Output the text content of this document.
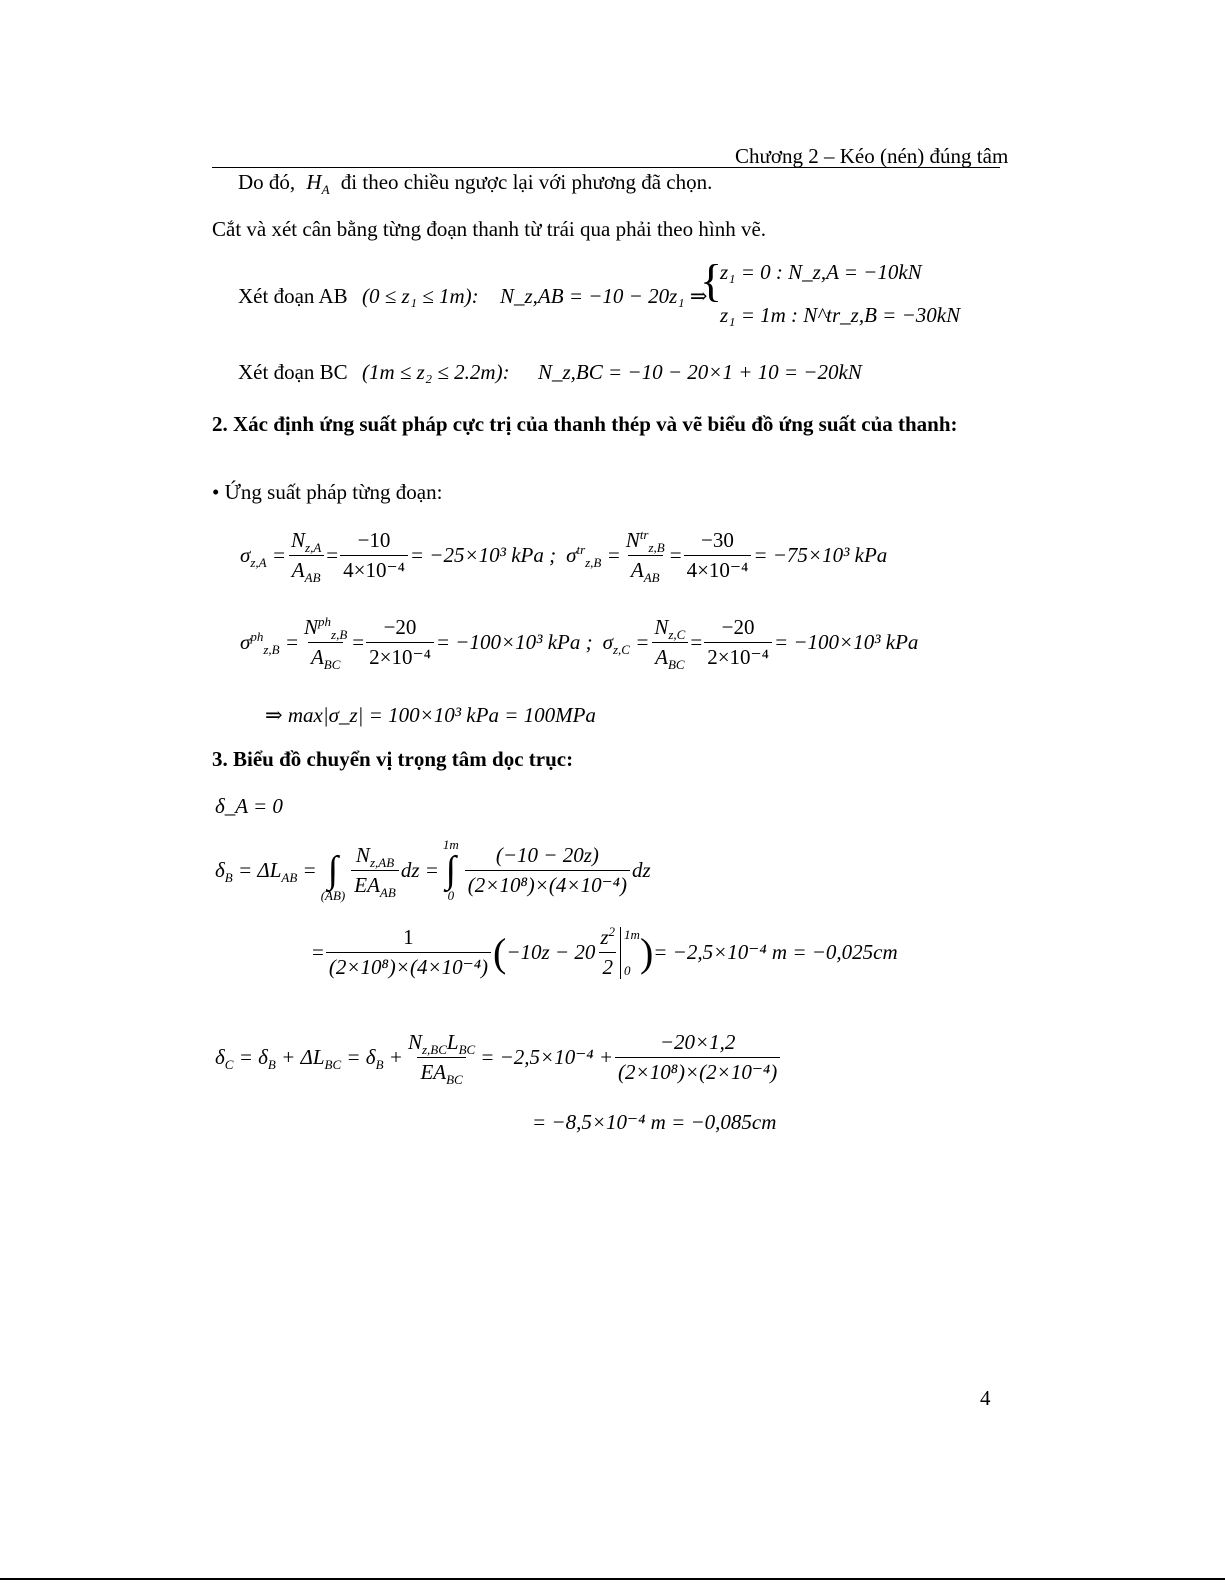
Chương 2 – Kéo (nén) đúng tâm
Do đó, $H_A$ đi theo chiều ngược lại với phương đã chọn.
Cắt và xét cân bằng từng đoạn thanh từ trái qua phải theo hình vẽ.
Xét đoạn AB (0 ≤ z₁ ≤ 1m): N_z,AB = −10 − 20z₁ ⇒
{
z₁ = 0 : N_z,A = −10kN
z₁ = 1m : N^tr_z,B = −30kN
Xét đoạn BC (1m ≤ z₂ ≤ 2.2m): N_z,BC = −10 − 20×1 + 10 = −20kN
2. Xác định ứng suất pháp cực trị của thanh thép và vẽ biểu đồ ứng suất của thanh:
• Ứng suất pháp từng đoạn:
$\sigma_{z,A} = \frac{N_{z,A}}{A_{AB}} = \frac{-10}{\text{4×10⁻⁴}} = -25\times 10^3$ kPa ; $\sigma^{tr}_{z,B} = \frac{N^{tr}_{z,B}}{A_{AB}} = \frac{-30}{\text{4×10⁻⁴}} = -75\times 10^3$ kPa
$\sigma^{ph}_{z,B} = \frac{N^{ph}_{z,B}}{A_{BC}} = \frac{-20}{\text{2×10⁻⁴}} = -100\times 10^3$ kPa ; $\sigma_{z,C} = \frac{N_{z,C}}{A_{BC}} = \frac{-20}{\text{2×10⁻⁴}} = -100\times 10^3$ kPa
⇒ max|σ_z| = 100×10³ kPa = 100MPa
3. Biểu đồ chuyển vị trọng tâm dọc trục:
δ_A = 0
$\delta_B = \Delta L_{AB}$ =
∫
$(AB) \frac{N_{z,AB}}{EA_{AB}}$ dz =
1m
∫
$0 \frac{(-10 - 20z)}{\text{(2×10⁸)×(4×10⁻⁴)}}$ dz
= $\frac{1}{\text{(2×10⁸)×(4×10⁻⁴)}}$ ( $-10z - 20 \frac{z^2}{2} 1m$
0 ) = −2,5×10⁻⁴ m = −0,025cm
$\delta_C = \delta_B + \Delta L_{BC} = \delta_B + \frac{N_{z,BC}L_{BC}}{EA_{BC}} = -2,5\times 10^{-4} + \frac{-20\times 1,2}{\text{(2×10⁸)×(2×10⁻⁴)}}$
= −8,5×10⁻⁴ m = −0,085cm
4
